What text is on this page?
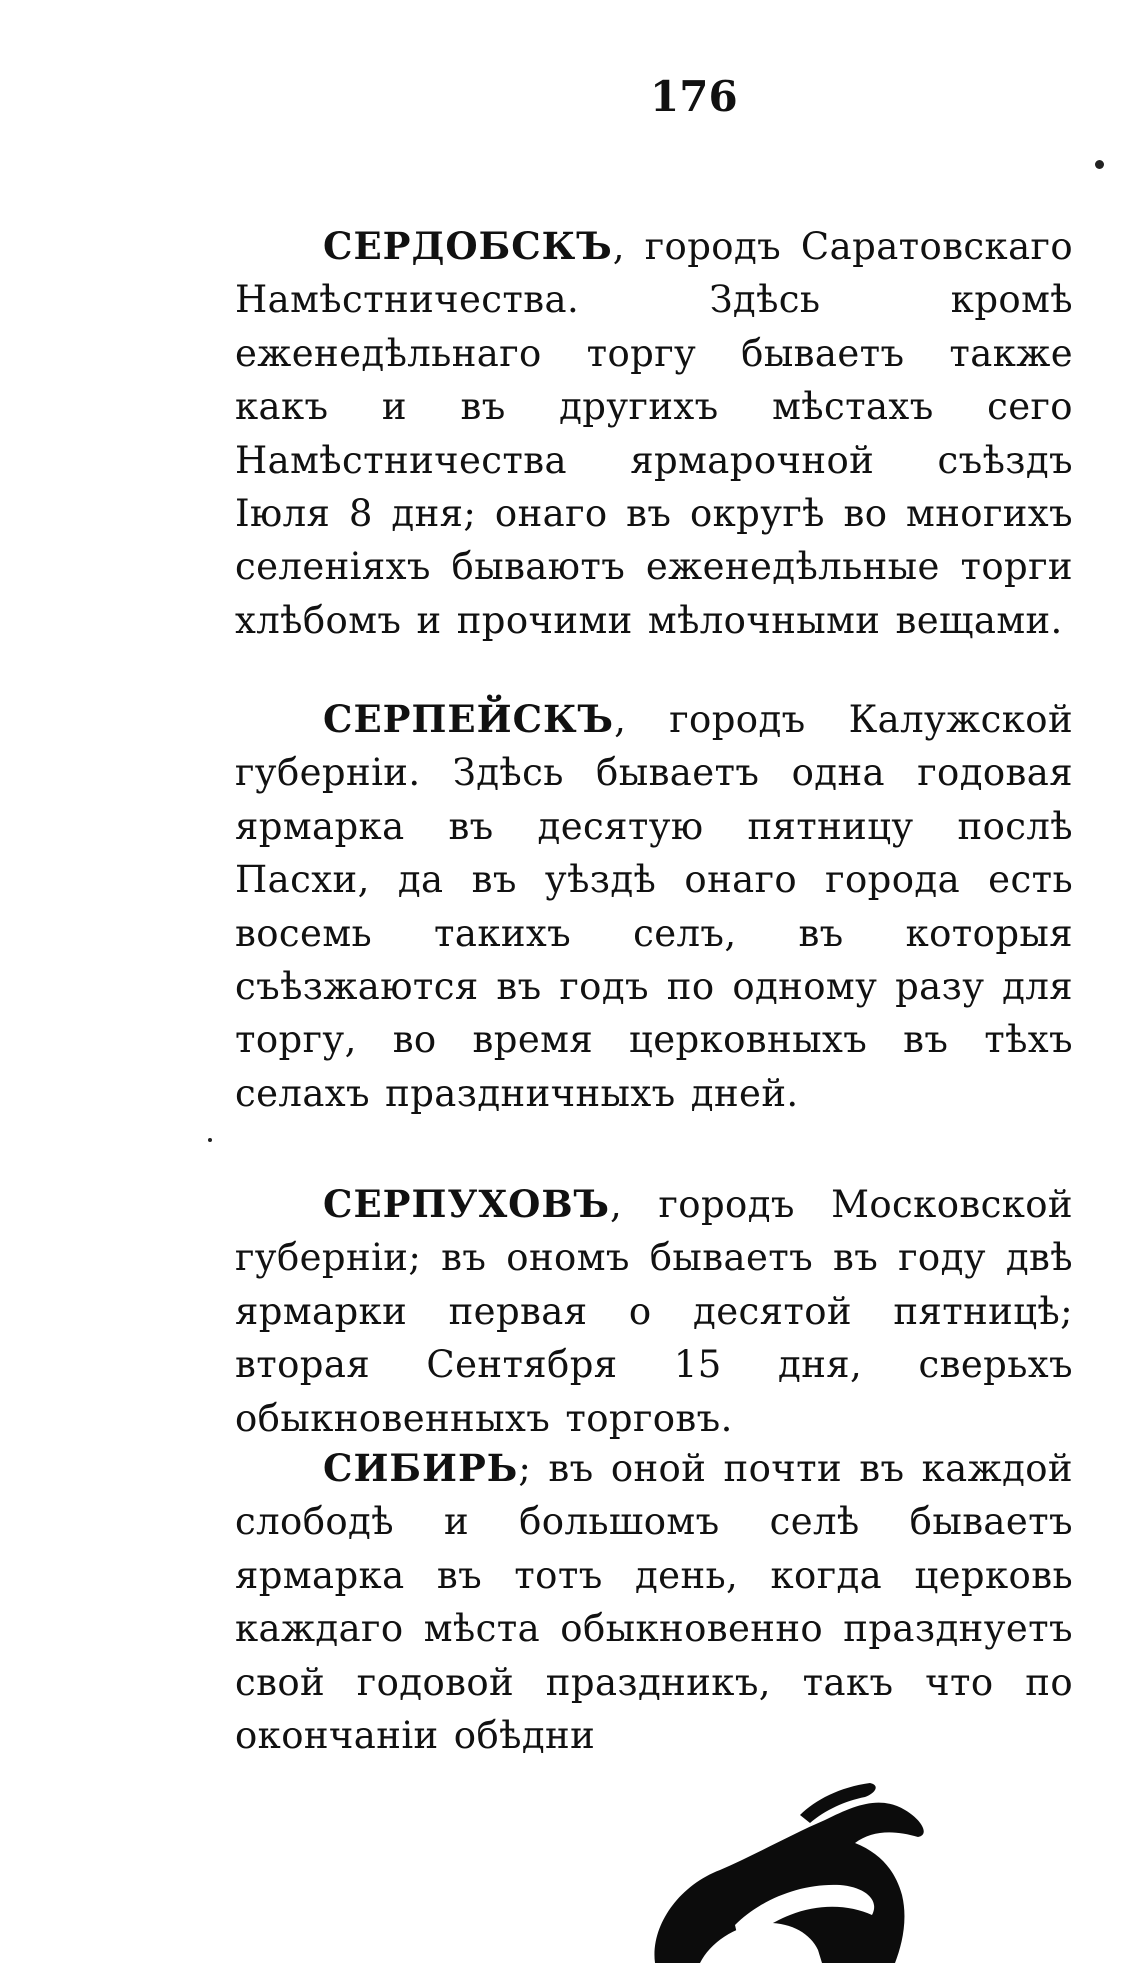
176

СЕРДОБСКЪ, городъ Саратовскаго Намѣстничества. Здѣсь кромѣ еженедѣльнаго торгу бываетъ также какъ и въ другихъ мѣстахъ сего Намѣстничества ярмарочной съѣздъ Іюля 8 дня; онаго въ округѣ во многихъ селеніяхъ бываютъ еженедѣльные торги хлѣбомъ и прочими мѣлочными вещами.

СЕРПЕЙСКЪ, городъ Калужской губерніи. Здѣсь бываетъ одна годовая ярмарка въ десятую пятницу послѣ Пасхи, да въ уѣздѣ онаго города есть восемь такихъ селъ, въ которыя съѣзжаются въ годъ по одному разу для торгу, во время церковныхъ въ тѣхъ селахъ праздничныхъ дней.

СЕРПУХОВЪ, городъ Московской губерніи; въ ономъ бываетъ въ году двѣ ярмарки первая о десятой пятницѣ; вторая Сентября 15 дня, сверьхъ обыкновенныхъ торговъ.

СИБИРЬ; въ оной почти въ каждой слободѣ и большомъ селѣ бываетъ ярмарка въ тотъ день, когда церковь каждаго мѣста обыкновенно празднуетъ свой годовой праздникъ, такъ что по окончаніи обѣдни
